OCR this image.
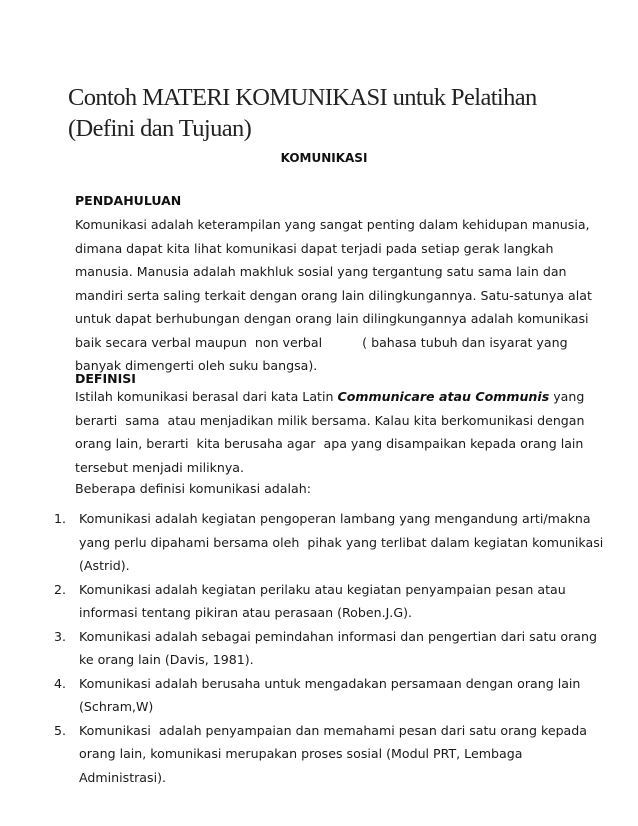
Contoh MATERI KOMUNIKASI untuk Pelatihan
(Defini dan Tujuan)
KOMUNIKASI
PENDAHULUAN
Komunikasi adalah keterampilan yang sangat penting dalam kehidupan manusia,
dimana dapat kita lihat komunikasi dapat terjadi pada setiap gerak langkah
manusia. Manusia adalah makhluk sosial yang tergantung satu sama lain dan
mandiri serta saling terkait dengan orang lain dilingkungannya. Satu-satunya alat
untuk dapat berhubungan dengan orang lain dilingkungannya adalah komunikasi
baik secara verbal maupun  non verbal          ( bahasa tubuh dan isyarat yang
banyak dimengerti oleh suku bangsa).
DEFINISI
Istilah komunikasi berasal dari kata Latin Communicare atau Communis yang
berarti  sama  atau menjadikan milik bersama. Kalau kita berkomunikasi dengan
orang lain, berarti  kita berusaha agar  apa yang disampaikan kepada orang lain
tersebut menjadi miliknya.
Beberapa definisi komunikasi adalah:
1. Komunikasi adalah kegiatan pengoperan lambang yang mengandung arti/makna
yang perlu dipahami bersama oleh  pihak yang terlibat dalam kegiatan komunikasi
(Astrid).
2. Komunikasi adalah kegiatan perilaku atau kegiatan penyampaian pesan atau
informasi tentang pikiran atau perasaan (Roben.J.G).
3. Komunikasi adalah sebagai pemindahan informasi dan pengertian dari satu orang
ke orang lain (Davis, 1981).
4. Komunikasi adalah berusaha untuk mengadakan persamaan dengan orang lain
(Schram,W)
5. Komunikasi  adalah penyampaian dan memahami pesan dari satu orang kepada
orang lain, komunikasi merupakan proses sosial (Modul PRT, Lembaga
Administrasi).
